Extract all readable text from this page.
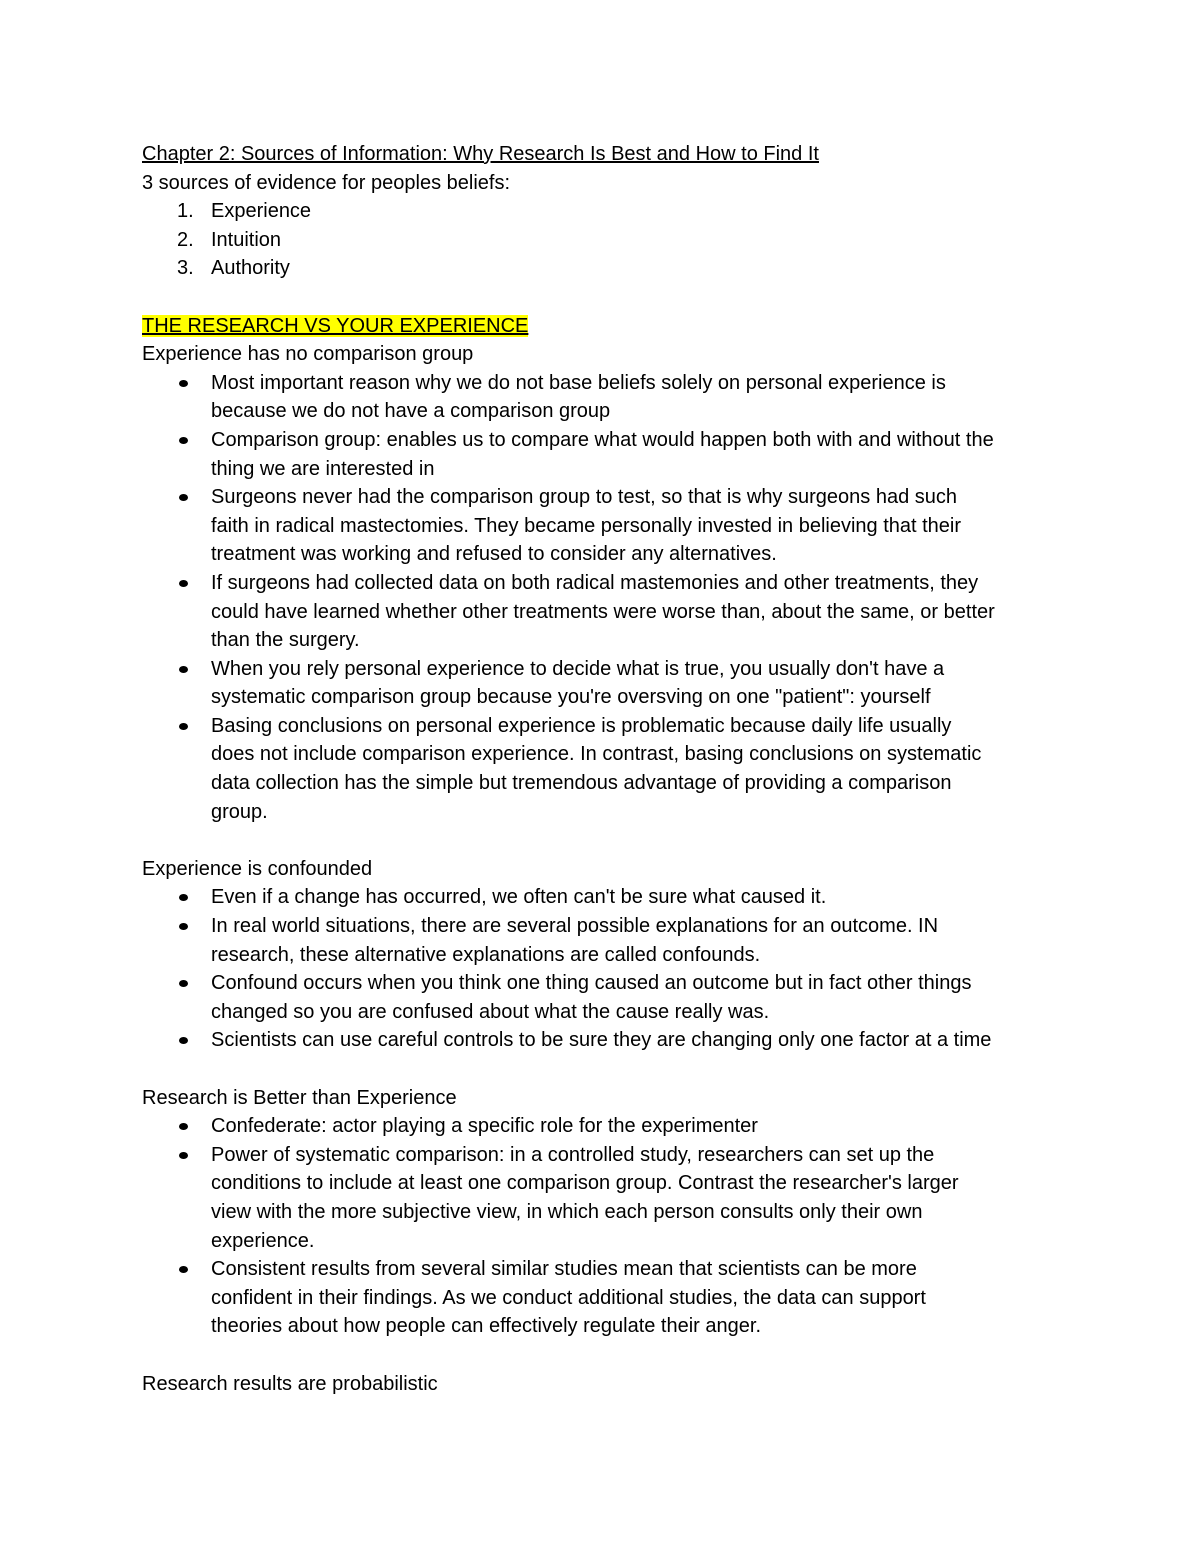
Chapter 2: Sources of Information: Why Research Is Best and How to Find It

3 sources of evidence for peoples beliefs:

1. Experience
2. Intuition
3. Authority

THE RESEARCH VS YOUR EXPERIENCE

Experience has no comparison group

Most important reason why we do not base beliefs solely on personal experience is
because we do not have a comparison group
Comparison group: enables us to compare what would happen both with and without the
thing we are interested in
Surgeons never had the comparison group to test, so that is why surgeons had such
faith in radical mastectomies. They became personally invested in believing that their
treatment was working and refused to consider any alternatives.
If surgeons had collected data on both radical mastemonies and other treatments, they
could have learned whether other treatments were worse than, about the same, or better
than the surgery.
When you rely personal experience to decide what is true, you usually don't have a
systematic comparison group because you're oversving on one "patient": yourself
Basing conclusions on personal experience is problematic because daily life usually
does not include comparison experience. In contrast, basing conclusions on systematic
data collection has the simple but tremendous advantage of providing a comparison
group.

Experience is confounded

Even if a change has occurred, we often can't be sure what caused it.
In real world situations, there are several possible explanations for an outcome. IN
research, these alternative explanations are called confounds.
Confound occurs when you think one thing caused an outcome but in fact other things
changed so you are confused about what the cause really was.
Scientists can use careful controls to be sure they are changing only one factor at a time

Research is Better than Experience

Confederate: actor playing a specific role for the experimenter
Power of systematic comparison: in a controlled study, researchers can set up the
conditions to include at least one comparison group. Contrast the researcher's larger
view with the more subjective view, in which each person consults only their own
experience.
Consistent results from several similar studies mean that scientists can be more
confident in their findings. As we conduct additional studies, the data can support
theories about how people can effectively regulate their anger.

Research results are probabilistic
